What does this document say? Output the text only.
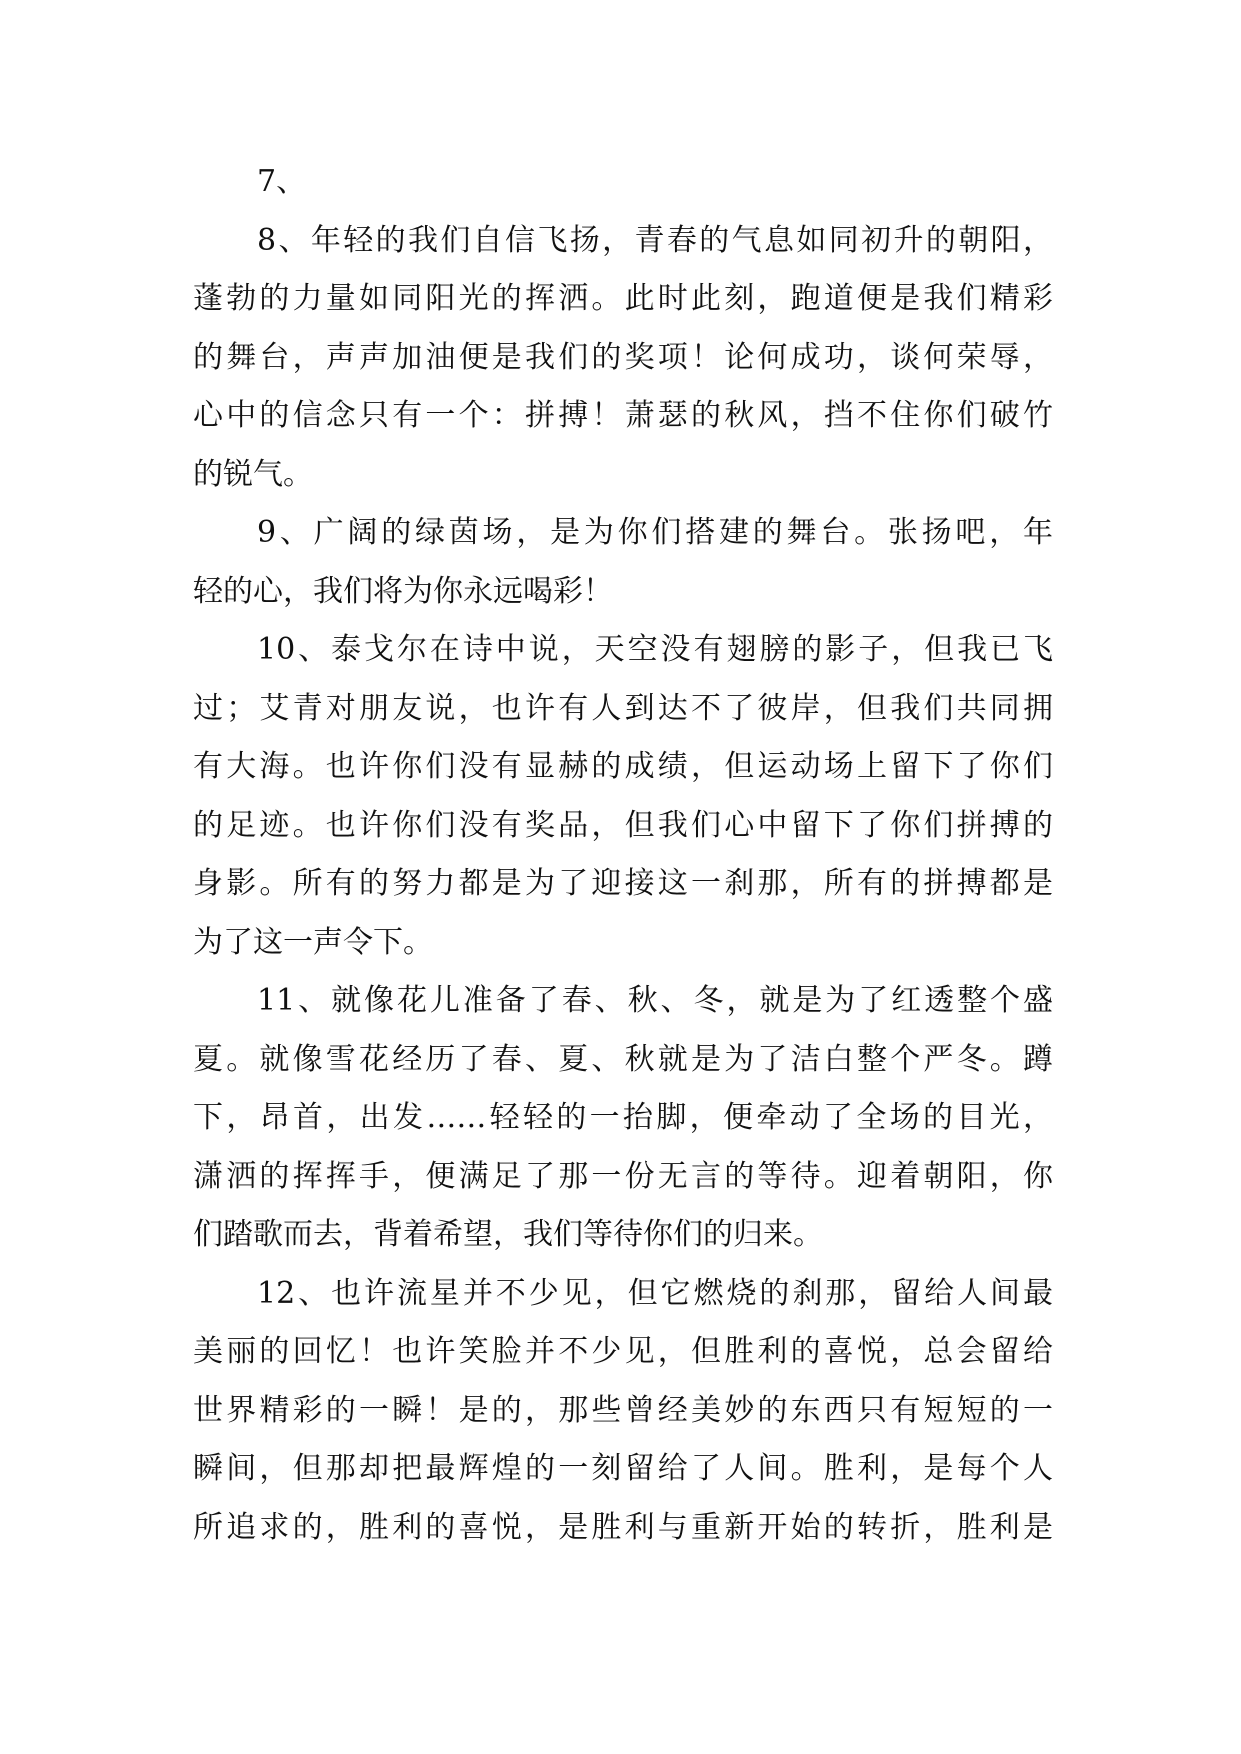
7、
8、年轻的我们自信飞扬，青春的气息如同初升的朝阳，
蓬勃的力量如同阳光的挥洒。此时此刻，跑道便是我们精彩
的舞台，声声加油便是我们的奖项！论何成功，谈何荣辱，
心中的信念只有一个：拼搏！萧瑟的秋风，挡不住你们破竹
的锐气。
9、广阔的绿茵场，是为你们搭建的舞台。张扬吧，年
轻的心，我们将为你永远喝彩！
10、泰戈尔在诗中说，天空没有翅膀的影子，但我已飞
过；艾青对朋友说，也许有人到达不了彼岸，但我们共同拥
有大海。也许你们没有显赫的成绩，但运动场上留下了你们
的足迹。也许你们没有奖品，但我们心中留下了你们拼搏的
身影。所有的努力都是为了迎接这一刹那，所有的拼搏都是
为了这一声令下。
11、就像花儿准备了春、秋、冬，就是为了红透整个盛
夏。就像雪花经历了春、夏、秋就是为了洁白整个严冬。蹲
下，昂首，出发……轻轻的一抬脚，便牵动了全场的目光，
潇洒的挥挥手，便满足了那一份无言的等待。迎着朝阳，你
们踏歌而去，背着希望，我们等待你们的归来。
12、也许流星并不少见，但它燃烧的刹那，留给人间最
美丽的回忆！也许笑脸并不少见，但胜利的喜悦，总会留给
世界精彩的一瞬！是的，那些曾经美妙的东西只有短短的一
瞬间，但那却把最辉煌的一刻留给了人间。胜利，是每个人
所追求的，胜利的喜悦，是胜利与重新开始的转折，胜利是
